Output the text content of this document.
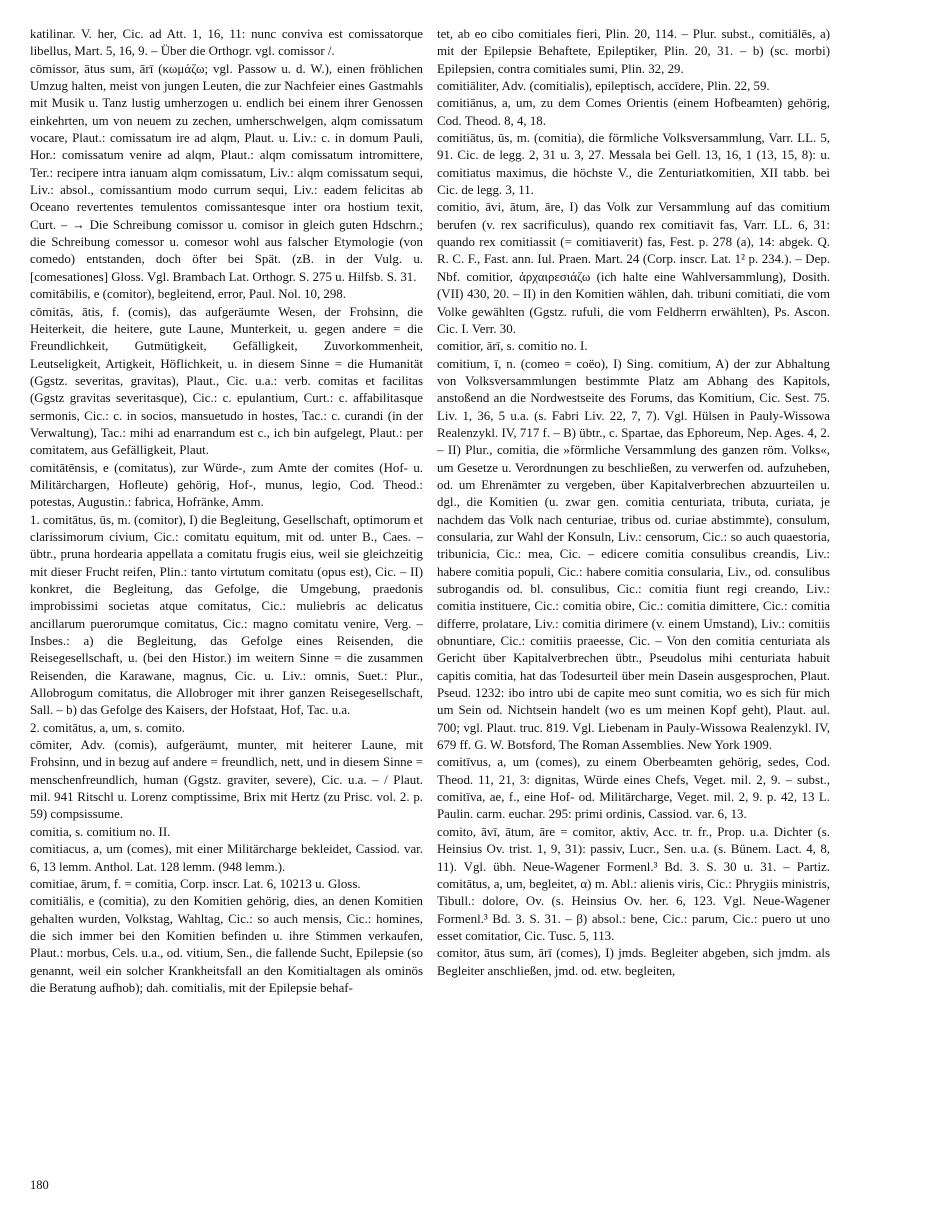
katilinar. V. her, Cic. ad Att. 1, 16, 11: nunc conviva est comissatorque libellus, Mart. 5, 16, 9. – Über die Orthogr. vgl. comissor /.

cōmissor, ātus sum, ārī (κωμάζω; vgl. Passow u. d. W.), einen fröhlichen Umzug halten, meist von jungen Leuten, die zur Nachfeier eines Gastmahls mit Musik u. Tanz lustig umherzogen u. endlich bei einem ihrer Genossen einkehrten, um von neuem zu zechen, umherschwelgen, alqm comissatum vocare, Plaut.: comissatum ire ad alqm, Plaut. u. Liv.: c. in domum Pauli, Hor.: comissatum venire ad alqm, Plaut.: alqm comissatum intromittere, Ter.: recipere intra ianuam alqm comissatum, Liv.: alqm comissatum sequi, Liv.: absol., comissantium modo currum sequi, Liv.: eadem felicitas ab Oceano revertentes temulentos comissantesque inter ora hostium texit, Curt. – → Die Schreibung comissor u. comisor in gleich guten Hdschrn.; die Schreibung comessor u. comesor wohl aus falscher Etymologie (von comedo) entstanden, doch öfter bei Spät. (zB. in der Vulg. u. [comesationes] Gloss. Vgl. Brambach Lat. Orthogr. S. 275 u. Hilfsb. S. 31.

comitābilis, e (comitor), begleitend, error, Paul. Nol. 10, 298.

cōmitās, ātis, f. (comis), das aufgeräumte Wesen, der Frohsinn, die Heiterkeit, die heitere, gute Laune, Munterkeit, u. gegen andere = die Freundlichkeit, Gutmütigkeit, Gefälligkeit, Zuvorkommenheit, Leutseligkeit, Artigkeit, Höflichkeit, u. in diesem Sinne = die Humanität (Ggstz. severitas, gravitas), Plaut., Cic. u.a.: verb. comitas et facilitas (Ggstz gravitas severitasque), Cic.: c. epulantium, Curt.: c. affabilitasque sermonis, Cic.: c. in socios, mansuetudo in hostes, Tac.: c. curandi (in der Verwaltung), Tac.: mihi ad enarrandum est c., ich bin aufgelegt, Plaut.: per comitatem, aus Gefälligkeit, Plaut.

comitātēnsis, e (comitatus), zur Würde-, zum Amte der comites (Hof- u. Militärchargen, Hofleute) gehörig, Hof-, munus, legio, Cod. Theod.: potestas, Augustin.: fabrica, Hofränke, Amm.

1. comitātus, ūs, m. (comitor), I) die Begleitung, Gesellschaft, optimorum et clarissimorum civium, Cic.: comitatu equitum, mit od. unter B., Caes. – übtr., pruna hordearia appellata a comitatu frugis eius, weil sie gleichzeitig mit dieser Frucht reifen, Plin.: tanto virtutum comitatu (opus est), Cic. – II) konkret, die Begleitung, das Gefolge, die Umgebung, praedonis improbissimi societas atque comitatus, Cic.: muliebris ac delicatus ancillarum puerorumque comitatus, Cic.: magno comitatu venire, Verg. – Insbes.: a) die Begleitung, das Gefolge eines Reisenden, die Reisegesellschaft, u. (bei den Histor.) im weitern Sinne = die zusammen Reisenden, die Karawane, magnus, Cic. u. Liv.: omnis, Suet.: Plur., Allobrogum comitatus, die Allobroger mit ihrer ganzen Reisegesellschaft, Sall. – b) das Gefolge des Kaisers, der Hofstaat, Hof, Tac. u.a.

2. comitātus, a, um, s. comito.

cōmiter, Adv. (comis), aufgeräumt, munter, mit heiterer Laune, mit Frohsinn, und in bezug auf andere = freundlich, nett, und in diesem Sinne = menschenfreundlich, human (Ggstz. graviter, severe), Cic. u.a. – / Plaut. mil. 941 Ritschl u. Lorenz comptissime, Brix mit Hertz (zu Prisc. vol. 2. p. 59) compsissume.

comitia, s. comitium no. II.

comitiacus, a, um (comes), mit einer Militärcharge bekleidet, Cassiod. var. 6, 13 lemm. Anthol. Lat. 128 lemm. (948 lemm.).

comitiae, ārum, f. = comitia, Corp. inscr. Lat. 6, 10213 u. Gloss.

comitiālis, e (comitia), zu den Komitien gehörig, dies, an denen Komitien gehalten wurden, Volkstag, Wahltag, Cic.: so auch mensis, Cic.: homines, die sich immer bei den Komitien befinden u. ihre Stimmen verkaufen, Plaut.: morbus, Cels. u.a., od. vitium, Sen., die fallende Sucht, Epilepsie (so genannt, weil ein solcher Krankheitsfall an den Komitialtagen als ominös die Beratung aufhob); dah. comitialis, mit der Epilepsie behaf-

tet, ab eo cibo comitiales fieri, Plin. 20, 114. – Plur. subst., comitiālēs, a) mit der Epilepsie Behaftete, Epileptiker, Plin. 20, 31. – b) (sc. morbi) Epilepsien, contra comitiales sumi, Plin. 32, 29.

comitiāliter, Adv. (comitialis), epileptisch, accīdere, Plin. 22, 59.

comitiānus, a, um, zu dem Comes Orientis (einem Hofbeamten) gehörig, Cod. Theod. 8, 4, 18.

comitiātus, ūs, m. (comitia), die förmliche Volksversammlung, Varr. LL. 5, 91. Cic. de legg. 2, 31 u. 3, 27. Messala bei Gell. 13, 16, 1 (13, 15, 8): u. comitiatus maximus, die höchste V., die Zenturiatkomitien, XII tabb. bei Cic. de legg. 3, 11.

comitio, āvi, ātum, āre, I) das Volk zur Versammlung auf das comitium berufen (v. rex sacrificulus), quando rex comitiavit fas, Varr. LL. 6, 31: quando rex comitiassit (= comitiaverit) fas, Fest. p. 278 (a), 14: abgek. Q. R. C. F., Fast. ann. Iul. Praen. Mart. 24 (Corp. inscr. Lat. 1² p. 234.). – Dep. Nbf. comitior, ἀρχαιρεσιάζω (ich halte eine Wahlversammlung), Dosith. (VII) 430, 20. – II) in den Komitien wählen, dah. tribuni comitiati, die vom Volke gewählten (Ggstz. rufuli, die vom Feldherrn erwählten), Ps. Ascon. Cic. I. Verr. 30.

comitior, ārī, s. comitio no. I.

comitium, ī, n. (comeo = coëo), I) Sing. comitium, A) der zur Abhaltung von Volksversammlungen bestimmte Platz am Abhang des Kapitols, anstoßend an die Nordwestseite des Forums, das Komitium, Cic. Sest. 75. Liv. 1, 36, 5 u.a. (s. Fabri Liv. 22, 7, 7). Vgl. Hülsen in Pauly-Wissowa Realenzykl. IV, 717 f. – B) übtr., c. Spartae, das Ephoreum, Nep. Ages. 4, 2. – II) Plur., comitia, die »förmliche Versammlung des ganzen röm. Volks«, um Gesetze u. Verordnungen zu beschließen, zu verwerfen od. aufzuheben, od. um Ehrenämter zu vergeben, über Kapitalverbrechen abzuurteilen u. dgl., die Komitien (u. zwar gen. comitia centuriata, tributa, curiata, je nachdem das Volk nach centuriae, tribus od. curiae abstimmte), consulum, consularia, zur Wahl der Konsuln, Liv.: censorum, Cic.: so auch quaestoria, tribunicia, Cic.: mea, Cic. – edicere comitia consulibus creandis, Liv.: habere comitia populi, Cic.: habere comitia consularia, Liv., od. consulibus subrogandis od. bl. consulibus, Cic.: comitia fiunt regi creando, Liv.: comitia instituere, Cic.: comitia obire, Cic.: comitia dimittere, Cic.: comitia differre, prolatare, Liv.: comitia dirimere (v. einem Umstand), Liv.: comitiis obnuntiare, Cic.: comitiis praeesse, Cic. – Von den comitia centuriata als Gericht über Kapitalverbrechen übtr., Pseudolus mihi centuriata habuit capitis comitia, hat das Todesurteil über mein Dasein ausgesprochen, Plaut. Pseud. 1232: ibo intro ubi de capite meo sunt comitia, wo es sich für mich um Sein od. Nichtsein handelt (wo es um meinen Kopf geht), Plaut. aul. 700; vgl. Plaut. truc. 819. Vgl. Liebenam in Pauly-Wissowa Realenzykl. IV, 679 ff. G. W. Botsford, The Roman Assemblies. New York 1909.

comitīvus, a, um (comes), zu einem Oberbeamten gehörig, sedes, Cod. Theod. 11, 21, 3: dignitas, Würde eines Chefs, Veget. mil. 2, 9. – subst., comitīva, ae, f., eine Hof- od. Militärcharge, Veget. mil. 2, 9. p. 42, 13 L. Paulin. carm. euchar. 295: primi ordinis, Cassiod. var. 6, 13.

comito, āvī, ātum, āre = comitor, aktiv, Acc. tr. fr., Prop. u.a. Dichter (s. Heinsius Ov. trist. 1, 9, 31): passiv, Lucr., Sen. u.a. (s. Bünem. Lact. 4, 8, 11). Vgl. übh. Neue-Wagener Formenl.³ Bd. 3. S. 30 u. 31. – Partiz. comitātus, a, um, begleitet, α) m. Abl.: alienis viris, Cic.: Phrygiis ministris, Tibull.: dolore, Ov. (s. Heinsius Ov. her. 6, 123. Vgl. Neue-Wagener Formenl.³ Bd. 3. S. 31. – β) absol.: bene, Cic.: parum, Cic.: puero ut uno esset comitatior, Cic. Tusc. 5, 113.

comitor, ātus sum, ārī (comes), I) jmds. Begleiter abgeben, sich jmdm. als Begleiter anschließen, jmd. od. etw. begleiten,

180
